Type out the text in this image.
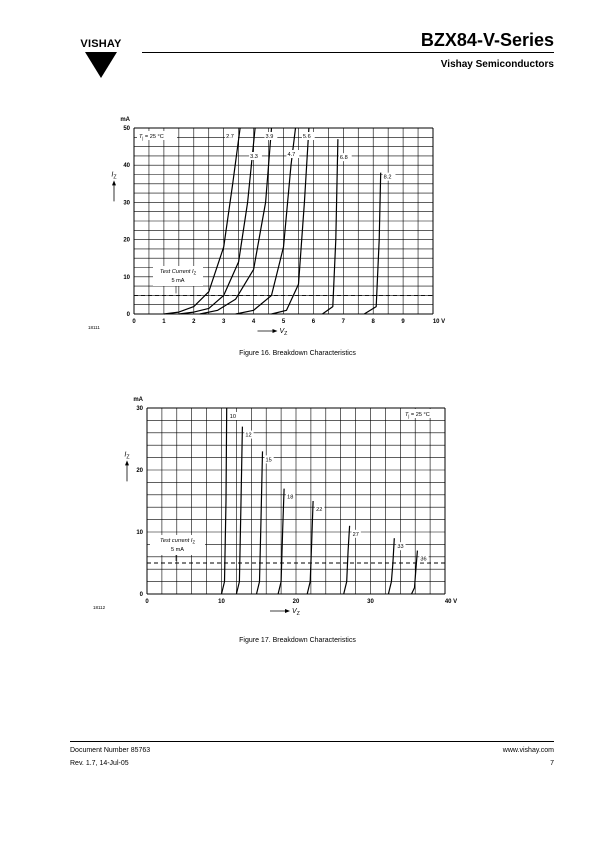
VISHAY	BZX84-V-Series
Vishay Semiconductors
0	1	2	3	4	5	6	7	8	9	10 V
0
10
20
30
40
50
mA
$I_Z$
$V_Z$
18111
Test Current $I_Z$
5 mA
$T_j = 25$ °C	2.7
3.3
3.9
4.7
5.6
6.8
8.2
Figure 16. Breakdown Characteristics
0	10	20	30	40 V
0
10
20
30
mA
$I_Z$
$V_Z$
18112
Test current $I_Z$
5 mA
$T_j = 25$ °C
10
12
15
18
22
27
33
36
Figure 17. Breakdown Characteristics
Document Number 85763
Rev. 1.7, 14-Jul-05
www.vishay.com
7
